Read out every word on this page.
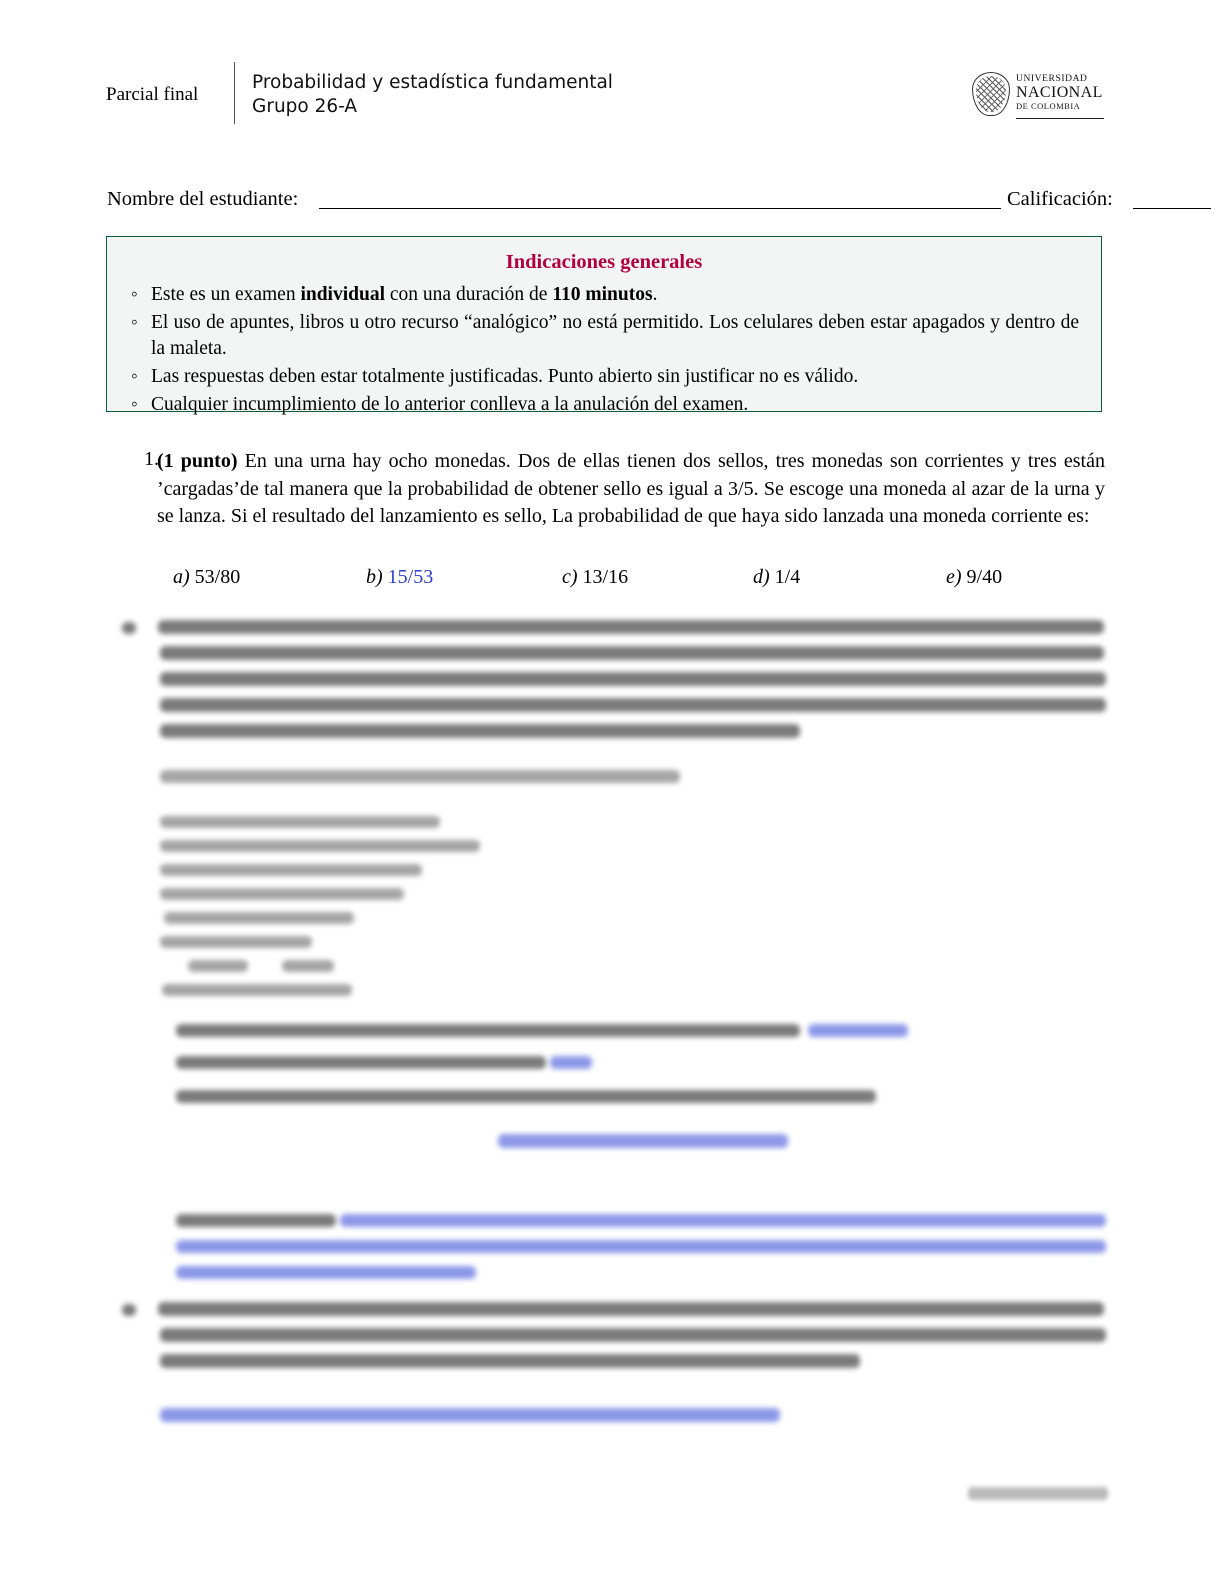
Parcial final
Probabilidad y estadística fundamental
Grupo 26-A
UNIVERSIDAD
NACIONAL
DE COLOMBIA
Nombre del estudiante:	Calificación:
Indicaciones generales
◦ Este es un examen individual con una duración de 110 minutos.
◦ El uso de apuntes, libros u otro recurso “analógico” no está permitido. Los celulares deben estar apagados y dentro de la maleta.
◦ Las respuestas deben estar totalmente justificadas. Punto abierto sin justificar no es válido.
◦ Cualquier incumplimiento de lo anterior conlleva a la anulación del examen.
1.
(1 punto) En una urna hay ocho monedas. Dos de ellas tienen dos sellos, tres monedas son corrientes y tres están ’cargadas’de tal manera que la probabilidad de obtener sello es igual a 3/5. Se escoge una moneda al azar de la urna y se lanza. Si el resultado del lanzamiento es sello, La probabilidad de que haya sido lanzada una moneda corriente es:
a) 53/80	b) 15/53	c) 13/16	d) 1/4	e) 9/40
